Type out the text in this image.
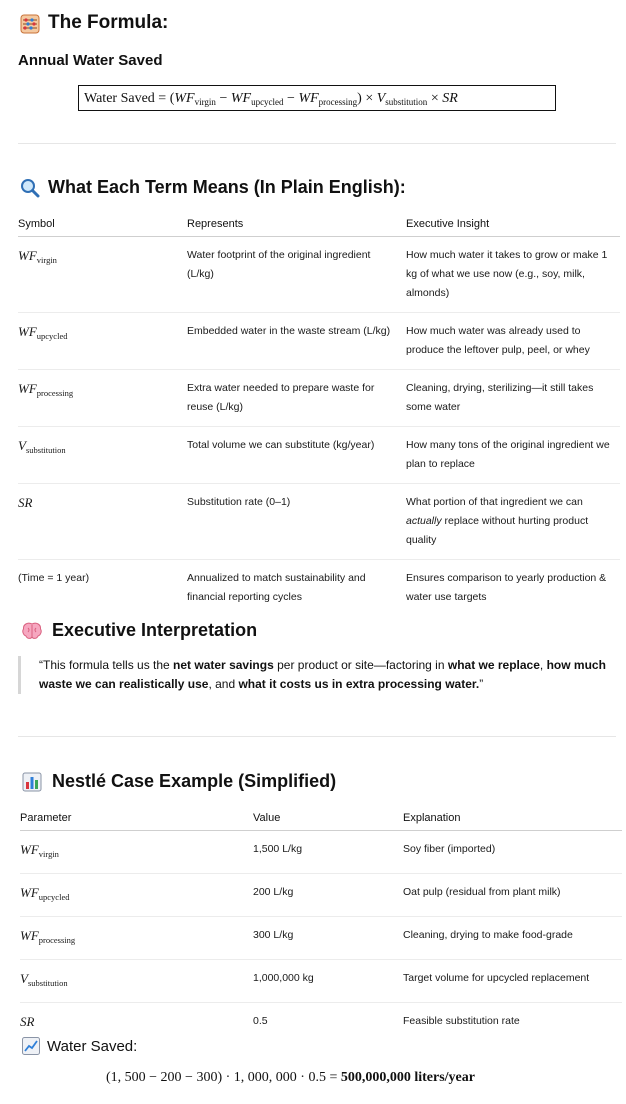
The Formula:
Annual Water Saved
Water Saved = $(WF_{virgin} - WF_{upcycled} - WF_{processing}) \times V_{substitution}$ × SR
What Each Term Means (In Plain English):
Symbol	Represents	Executive Insight
$WF_{virgin}$	Water footprint of the original ingredient (L/kg)	How much water it takes to grow or make 1 kg of what we use now (e.g., soy, milk, almonds)
$WF_{upcycled}$	Embedded water in the waste stream (L/kg)	How much water was already used to produce the leftover pulp, peel, or whey
$WF_{processing}$	Extra water needed to prepare waste for reuse (L/kg)	Cleaning, drying, sterilizing—it still takes some water
$V_{substitution}$	Total volume we can substitute (kg/year)	How many tons of the original ingredient we plan to replace
SR	Substitution rate (0–1)	What portion of that ingredient we can actually replace without hurting product quality
(Time = 1 year)	Annualized to match sustainability and financial reporting cycles	Ensures comparison to yearly production & water use targets
Executive Interpretation
“This formula tells us the net water savings per product or site—factoring in what we replace, how much waste we can realistically use, and what it costs us in extra processing water.”
Nestlé Case Example (Simplified)
Parameter	Value	Explanation
$WF_{virgin}$	1,500 L/kg	Soy fiber (imported)
$WF_{upcycled}$	200 L/kg	Oat pulp (residual from plant milk)
$WF_{processing}$	300 L/kg	Cleaning, drying to make food-grade
$V_{substitution}$	1,000,000 kg	Target volume for upcycled replacement
SR	0.5	Feasible substitution rate
Water Saved:
(1, 500 − 200 − 300) · 1, 000, 000 · 0.5 = 500,000,000 liters/year
